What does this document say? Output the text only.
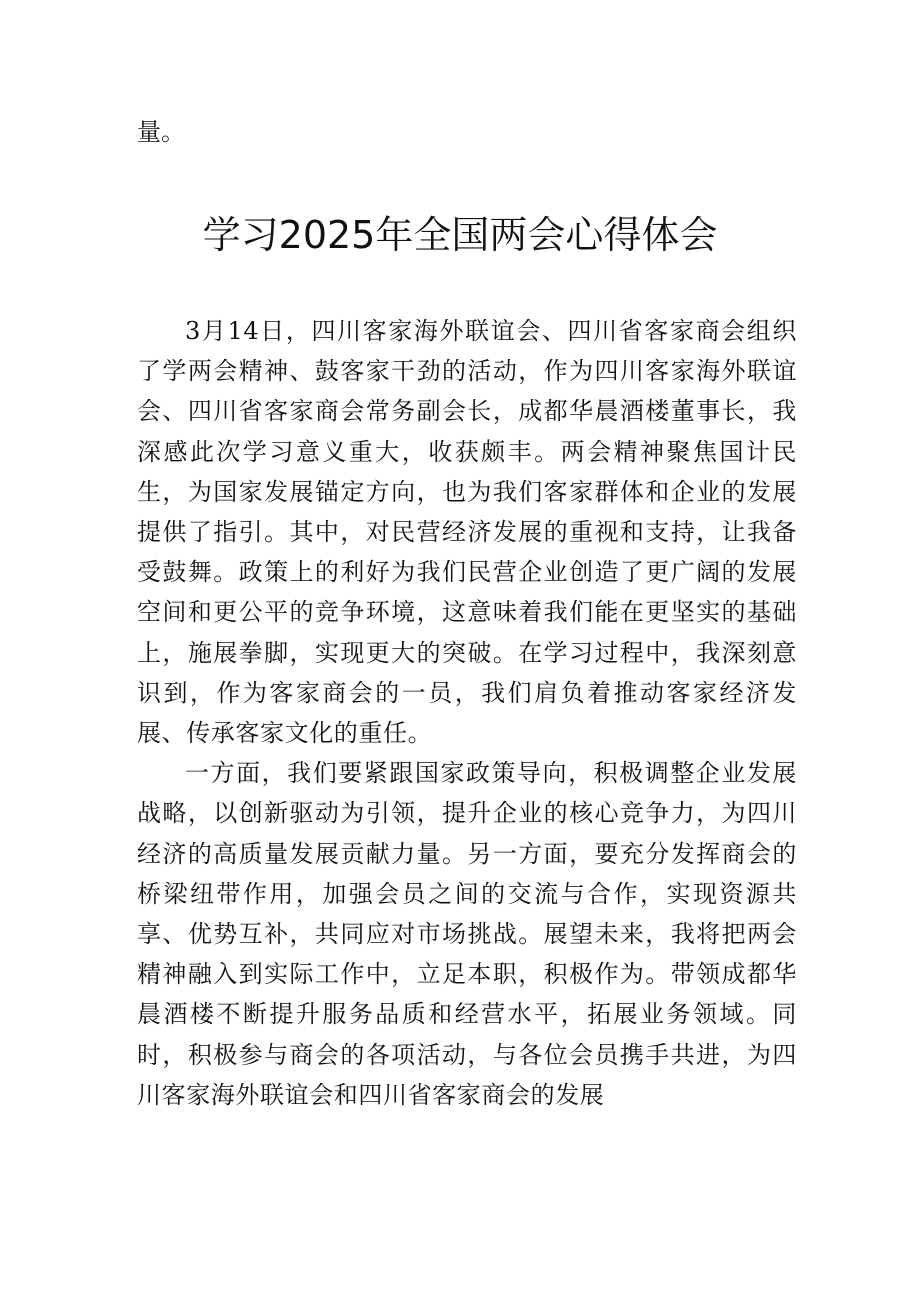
量。

学习2025年全国两会心得体会

3月14日，四川客家海外联谊会、四川省客家商会组织了学两会精神、鼓客家干劲的活动，作为四川客家海外联谊会、四川省客家商会常务副会长，成都华晨酒楼董事长，我深感此次学习意义重大，收获颇丰。两会精神聚焦国计民生，为国家发展锚定方向，也为我们客家群体和企业的发展提供了指引。其中，对民营经济发展的重视和支持，让我备受鼓舞。政策上的利好为我们民营企业创造了更广阔的发展空间和更公平的竞争环境，这意味着我们能在更坚实的基础上，施展拳脚，实现更大的突破。在学习过程中，我深刻意识到，作为客家商会的一员，我们肩负着推动客家经济发展、传承客家文化的重任。

一方面，我们要紧跟国家政策导向，积极调整企业发展战略，以创新驱动为引领，提升企业的核心竞争力，为四川经济的高质量发展贡献力量。另一方面，要充分发挥商会的桥梁纽带作用，加强会员之间的交流与合作，实现资源共享、优势互补，共同应对市场挑战。展望未来，我将把两会精神融入到实际工作中，立足本职，积极作为。带领成都华晨酒楼不断提升服务品质和经营水平，拓展业务领域。同时，积极参与商会的各项活动，与各位会员携手共进，为四川客家海外联谊会和四川省客家商会的发展
